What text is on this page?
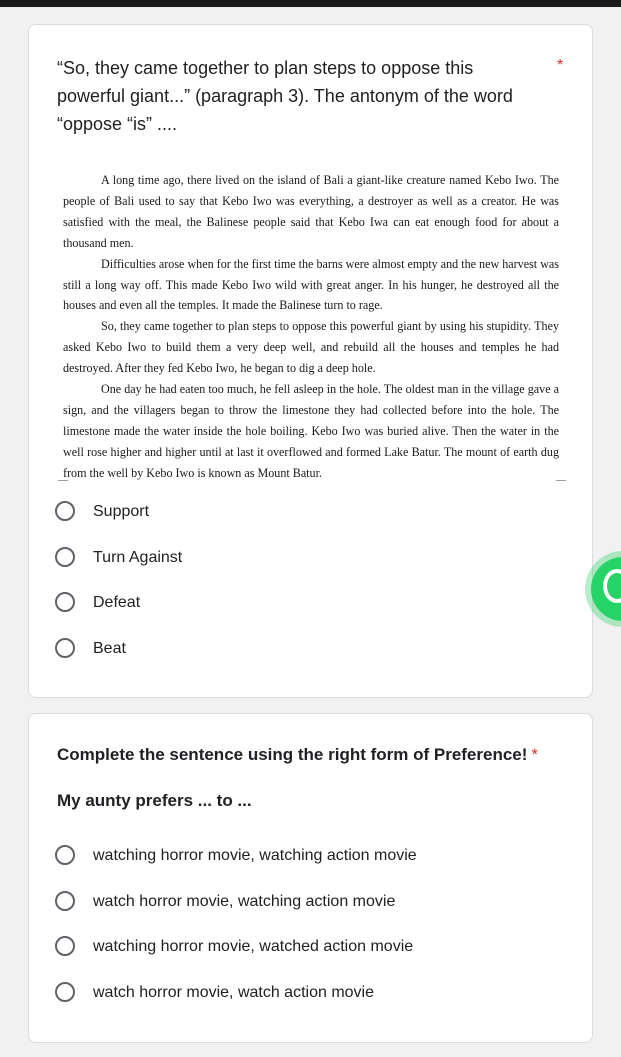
“So, they came together to plan steps to oppose this powerful giant...” (paragraph 3). The antonym of the word “oppose “is” ....
*

A long time ago, there lived on the island of Bali a giant-like creature named Kebo Iwo. The people of Bali used to say that Kebo Iwo was everything, a destroyer as well as a creator. He was satisfied with the meal, the Balinese people said that Kebo Iwa can eat enough food for about a thousand men.

Difficulties arose when for the first time the barns were almost empty and the new harvest was still a long way off. This made Kebo Iwo wild with great anger. In his hunger, he destroyed all the houses and even all the temples. It made the Balinese turn to rage.

So, they came together to plan steps to oppose this powerful giant by using his stupidity. They asked Kebo Iwo to build them a very deep well, and rebuild all the houses and temples he had destroyed. After they fed Kebo Iwo, he began to dig a deep hole.

One day he had eaten too much, he fell asleep in the hole. The oldest man in the village gave a sign, and the villagers began to throw the limestone they had collected before into the hole. The limestone made the water inside the hole boiling. Kebo Iwo was buried alive. Then the water in the well rose higher and higher until at last it overflowed and formed Lake Batur. The mount of earth dug from the well by Kebo Iwo is known as Mount Batur.

Support
Turn Against
Defeat
Beat
Complete the sentence using the right form of Preference! *
My aunty prefers ... to ...
watching horror movie, watching action movie
watch horror movie, watching action movie
watching horror movie, watched action movie
watch horror movie, watch action movie
